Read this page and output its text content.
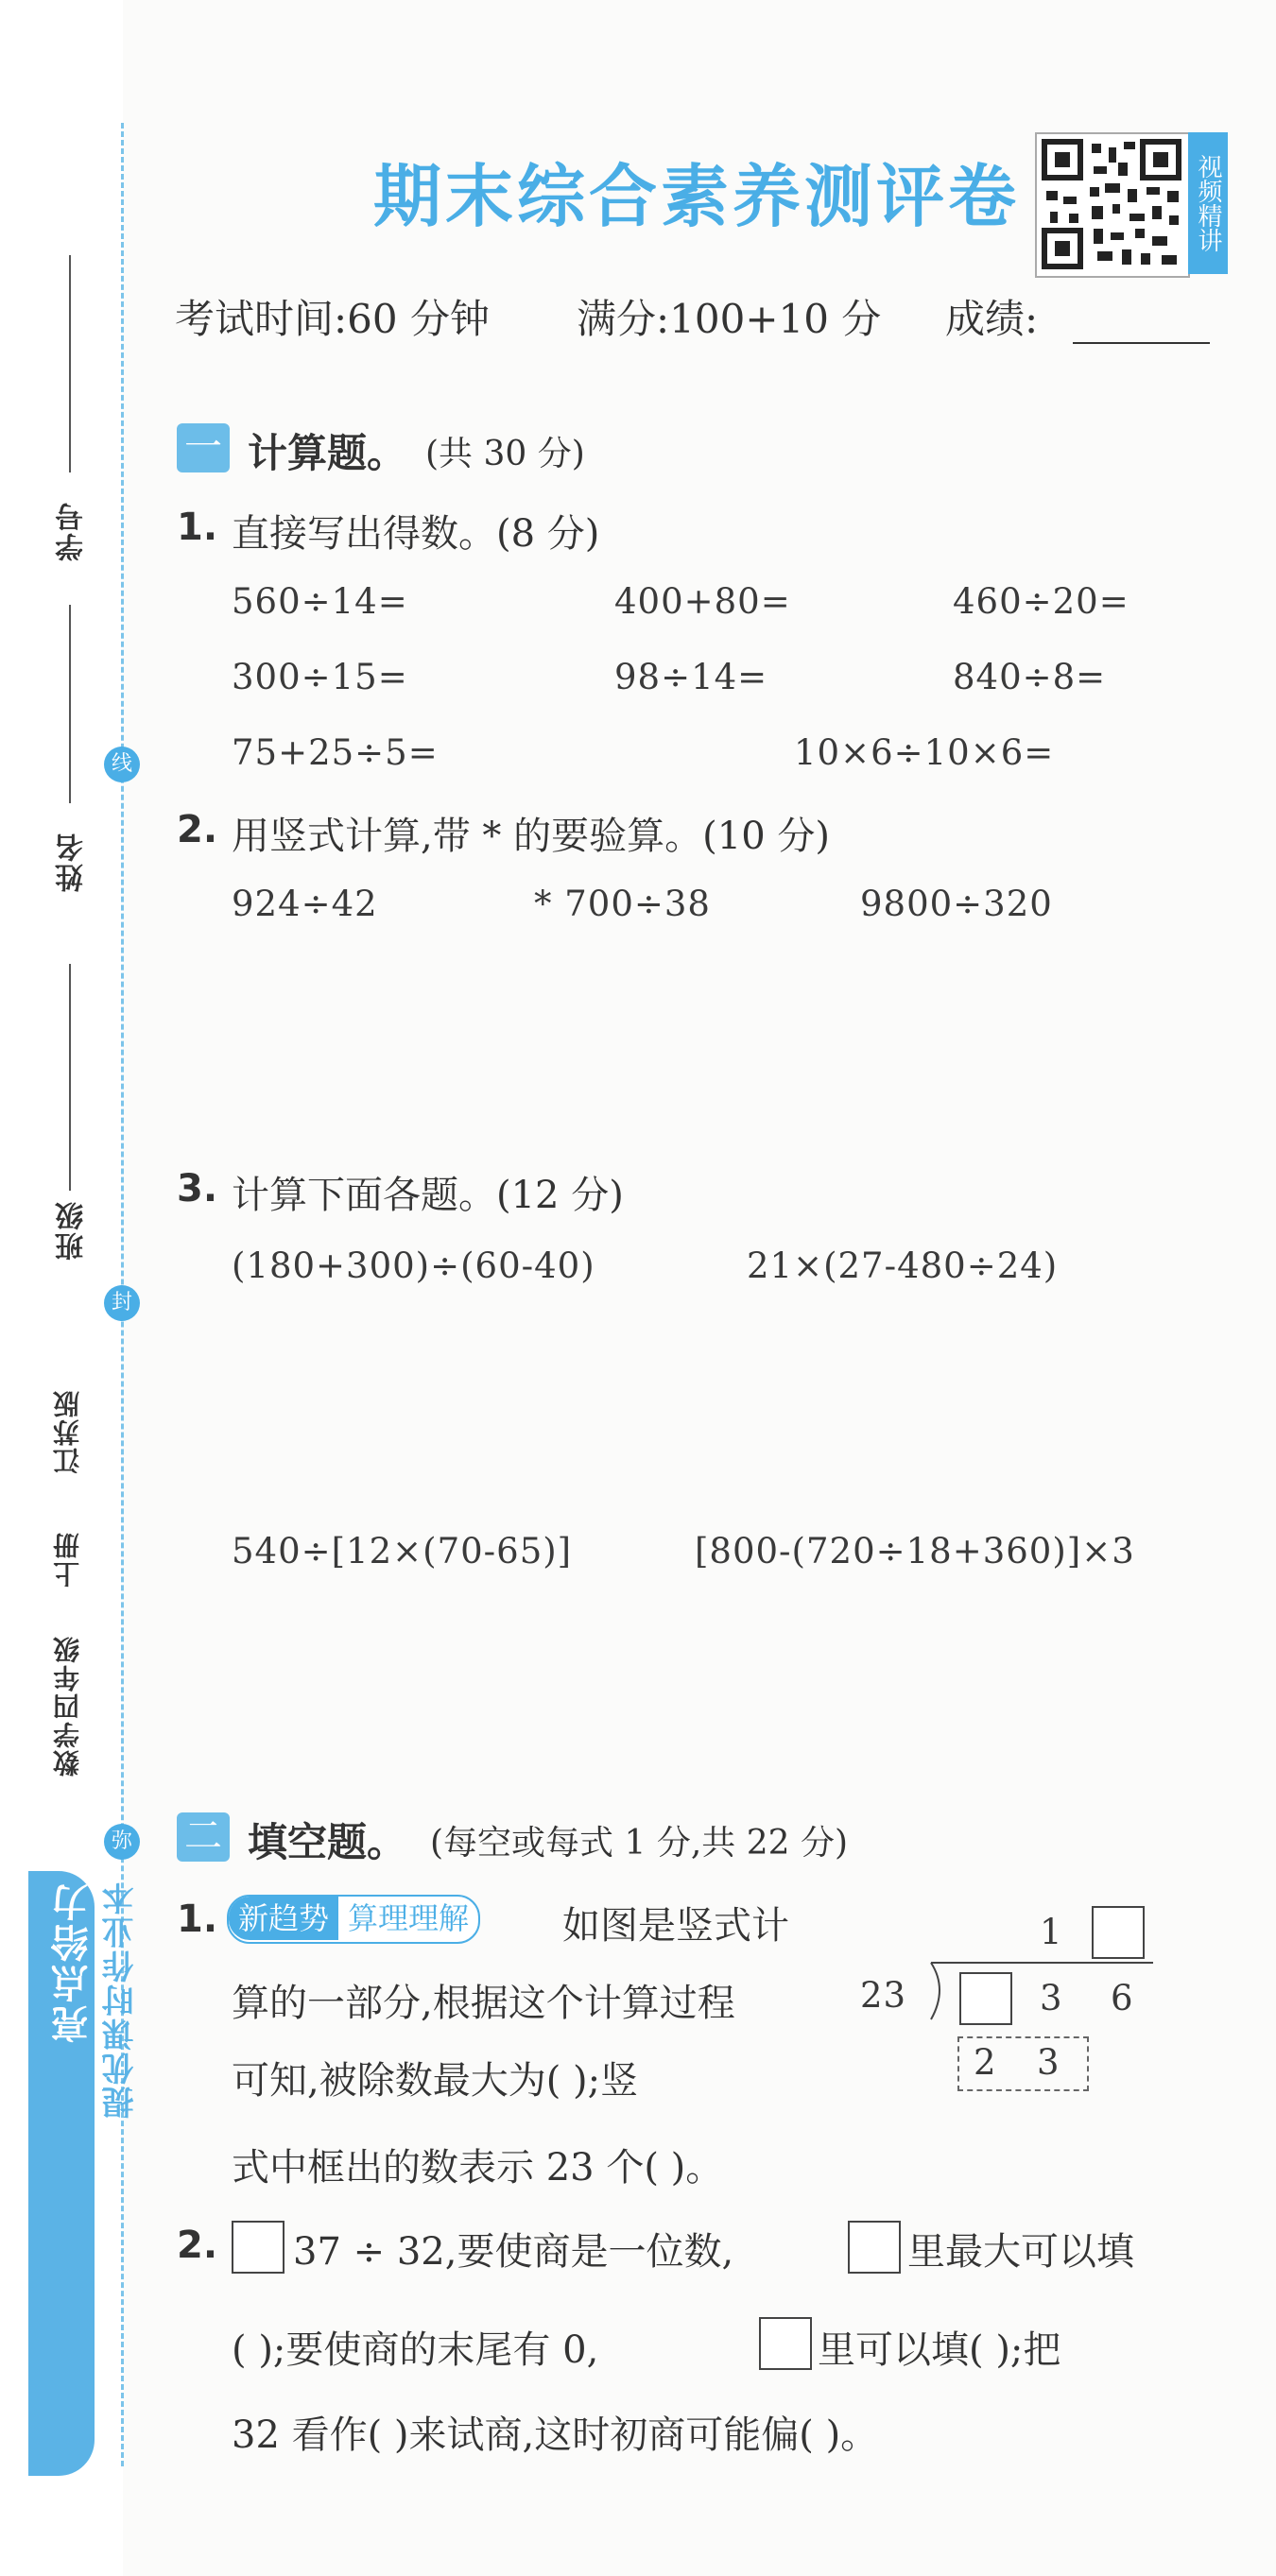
学号
姓名
班级
线
封
弥
江苏版
上册
数学四年级
亮点给力 提优课时作业本
期末综合素养测评卷	视频精讲
考试时间:60 分钟 满分:100+10 分 成绩:
一 计算题。 (共 30 分)
1. 直接写出得数。(8 分)
560÷14=	400+80=	460÷20=
300÷15=	98÷14=	840÷8=
75+25÷5=	10×6÷10×6=
2. 用竖式计算,带 * 的要验算。(10 分)
924÷42	* 700÷38	9800÷320
3. 计算下面各题。(12 分)
(180+300)÷(60-40)	21×(27-480÷24)
540÷[12×(70-65)]	[800-(720÷18+360)]×3
二 填空题。 (每空或每式 1 分,共 22 分)
1. 新趋势 算理理解	如图是竖式计
算的一部分,根据这个计算过程
可知,被除数最大为( );竖
式中框出的数表示 23 个( )。
1
23	3 6
2 3
2. 37 ÷ 32,要使商是一位数,	里最大可以填
( );要使商的末尾有 0,	里可以填( );把
32 看作( )来试商,这时初商可能偏( )。
